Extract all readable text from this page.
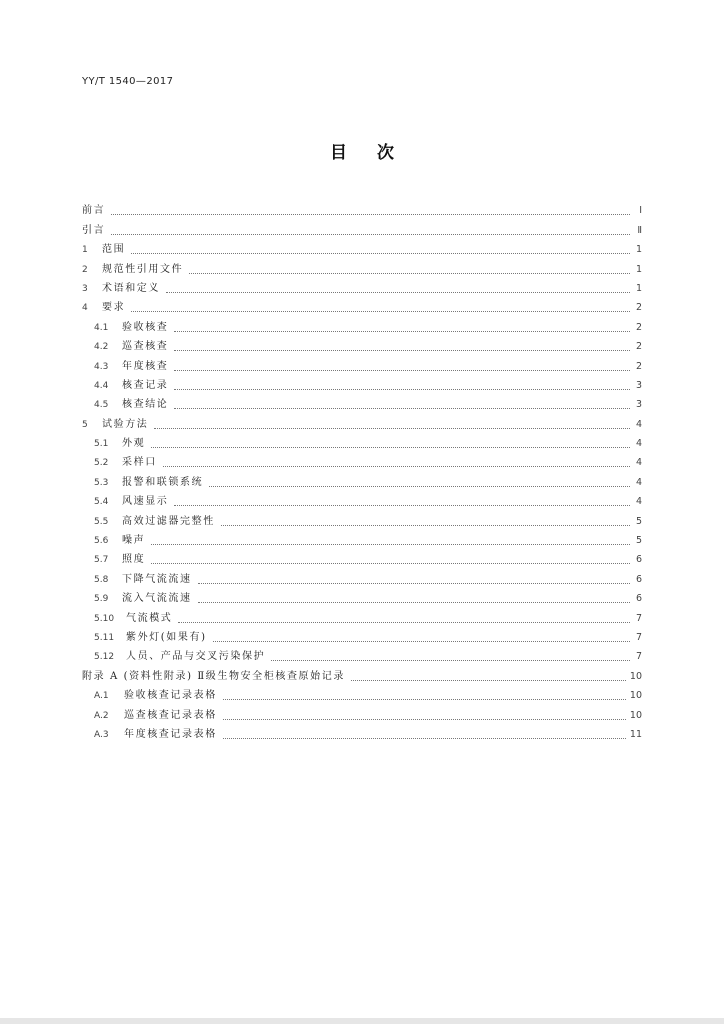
YY/T 1540—2017
目 次
前言	Ⅰ
引言	Ⅱ
1	范围	1
2	规范性引用文件	1
3	术语和定义	1
4	要求	2
4.1	验收核查	2
4.2	巡查核查	2
4.3	年度核查	2
4.4	核查记录	3
4.5	核查结论	3
5	试验方法	4
5.1	外观	4
5.2	采样口	4
5.3	报警和联锁系统	4
5.4	风速显示	4
5.5	高效过滤器完整性	5
5.6	噪声	5
5.7	照度	6
5.8	下降气流流速	6
5.9	流入气流流速	6
5.10	气流模式	7
5.11	紫外灯(如果有)	7
5.12	人员、产品与交叉污染保护	7
附录 A (资料性附录) Ⅱ级生物安全柜核查原始记录	10
A.1	验收核查记录表格	10
A.2	巡查核查记录表格	10
A.3	年度核查记录表格	11
